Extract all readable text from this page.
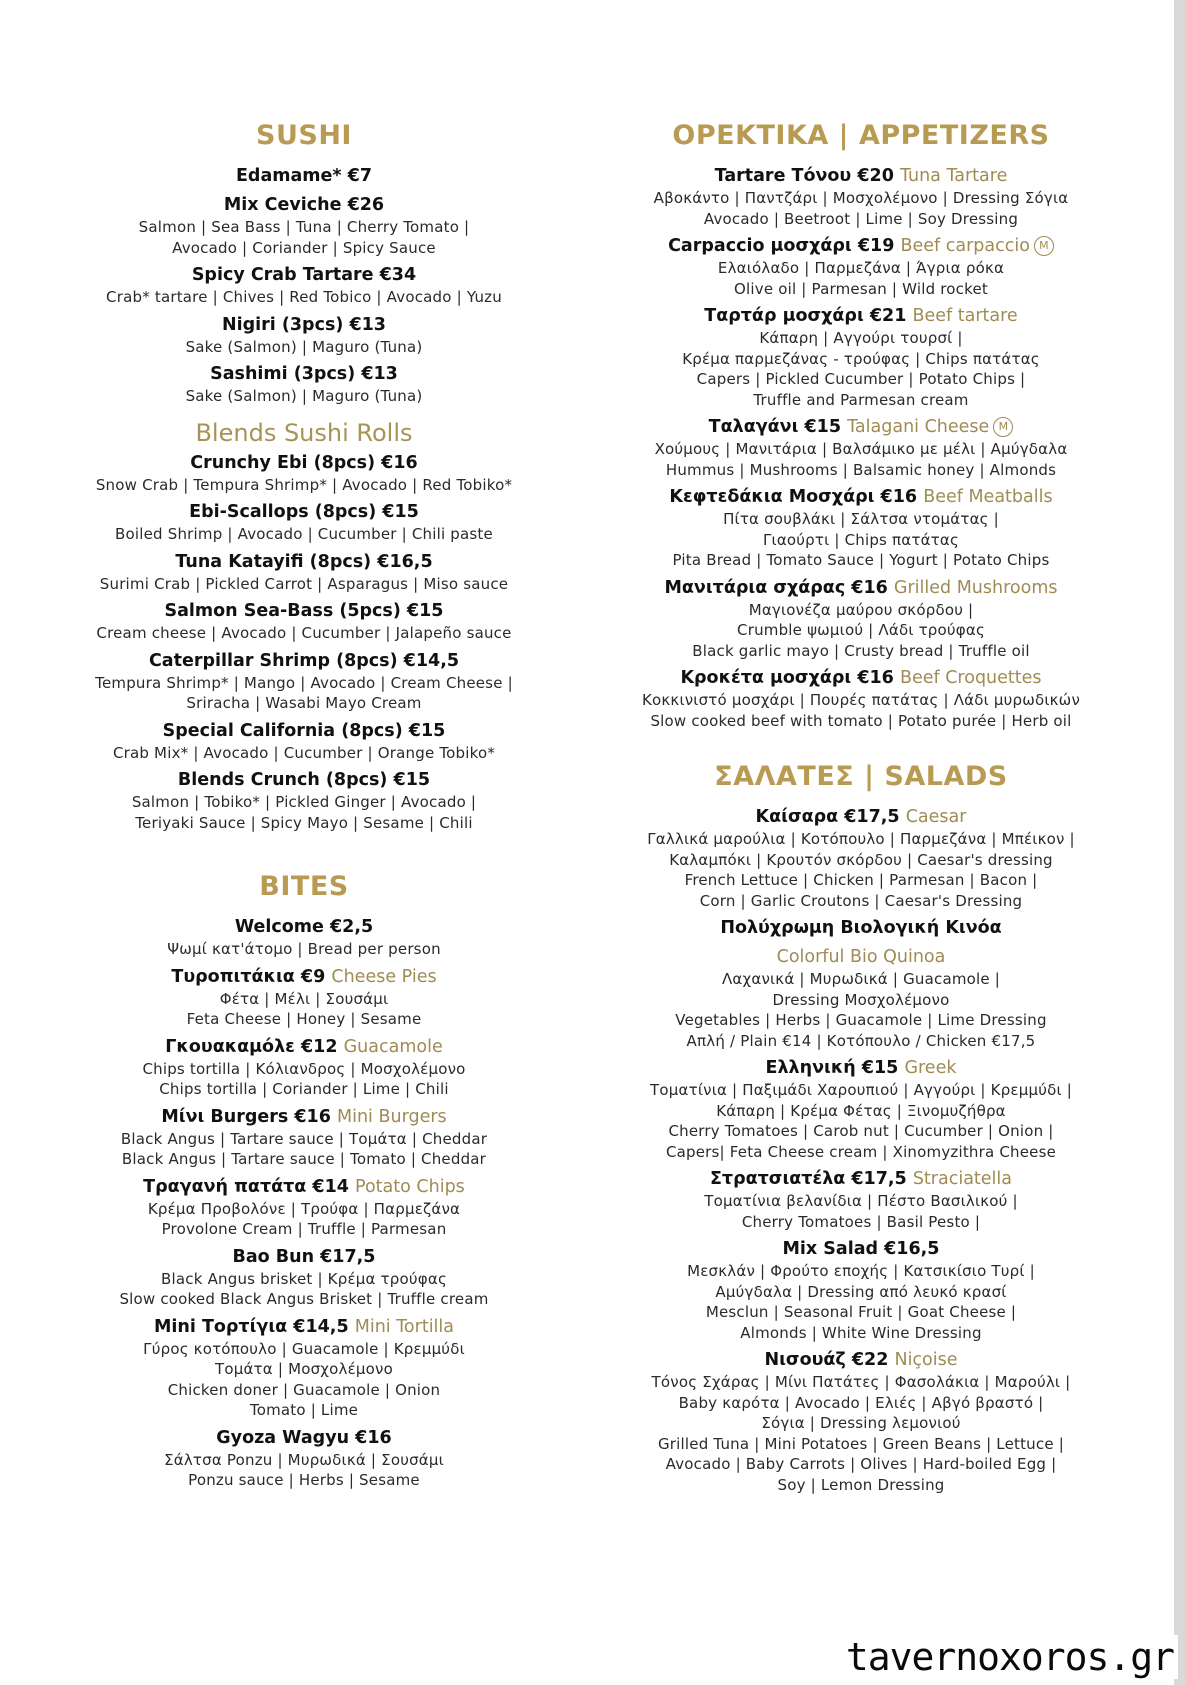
SUSHI
Edamame* €7
Mix Ceviche €26
Salmon | Sea Bass | Tuna | Cherry Tomato |
Avocado | Coriander | Spicy Sauce
Spicy Crab Tartare €34
Crab* tartare | Chives | Red Tobico | Avocado | Yuzu
Nigiri (3pcs) €13
Sake (Salmon) | Maguro (Tuna)
Sashimi (3pcs) €13
Sake (Salmon) | Maguro (Tuna)
Blends Sushi Rolls
Crunchy Ebi (8pcs) €16
Snow Crab | Tempura Shrimp* | Avocado | Red Tobiko*
Ebi-Scallops (8pcs) €15
Boiled Shrimp | Avocado | Cucumber | Chili paste
Tuna Katayifi (8pcs) €16,5
Surimi Crab | Pickled Carrot | Asparagus | Miso sauce
Salmon Sea-Bass (5pcs) €15
Cream cheese | Avocado | Cucumber | Jalapeño sauce
Caterpillar Shrimp (8pcs) €14,5
Tempura Shrimp* | Mango | Avocado | Cream Cheese |
Sriracha | Wasabi Mayo Cream
Special California (8pcs) €15
Crab Mix* | Avocado | Cucumber | Orange Tobiko*
Blends Crunch (8pcs) €15
Salmon | Tobiko* | Pickled Ginger | Avocado |
Teriyaki Sauce | Spicy Mayo | Sesame | Chili
BITES
Welcome €2,5
Ψωμί κατ'άτομο | Bread per person
Τυροπιτάκια €9 Cheese Pies
Φέτα | Μέλι | Σουσάμι
Feta Cheese | Honey | Sesame
Γκουακαμόλε €12 Guacamole
Chips tortilla | Κόλιανδρος | Μοσχολέμονο
Chips tortilla | Coriander | Lime | Chili
Μίνι Burgers €16 Mini Burgers
Black Angus | Tartare sauce | Τομάτα | Cheddar
Black Angus | Tartare sauce | Tomato | Cheddar
Τραγανή πατάτα €14 Potato Chips
Κρέμα Προβολόνε | Τρούφα | Παρμεζάνα
Provolone Cream | Truffle | Parmesan
Bao Bun €17,5
Black Angus brisket | Κρέμα τρούφας
Slow cooked Black Angus Brisket | Truffle cream
Mini Τορτίγια €14,5 Mini Tortilla
Γύρος κοτόπουλο | Guacamole | Κρεμμύδι
Τομάτα | Μοσχολέμονο
Chicken doner | Guacamole | Onion
Tomato | Lime
Gyoza Wagyu €16
Σάλτσα Ponzu | Μυρωδικά | Σουσάμι
Ponzu sauce | Herbs | Sesame
ΟΡΕΚΤΙΚΑ | APPETIZERS
Tartare Τόνου €20 Tuna Tartare
Αβοκάντο | Παντζάρι | Μοσχολέμονο | Dressing Σόγια
Avocado | Beetroot | Lime | Soy Dressing
Carpaccio μοσχάρι €19 Beef carpaccio M
Ελαιόλαδο | Παρμεζάνα | Άγρια ρόκα
Olive oil | Parmesan | Wild rocket
Ταρτάρ μοσχάρι €21 Beef tartare
Κάπαρη | Αγγούρι τουρσί |
Κρέμα παρμεζάνας - τρούφας | Chips πατάτας
Capers | Pickled Cucumber | Potato Chips |
Truffle and Parmesan cream
Ταλαγάνι €15 Talagani Cheese M
Χούμους | Μανιτάρια | Βαλσάμικο με μέλι | Αμύγδαλα
Hummus | Mushrooms | Balsamic honey | Almonds
Κεφτεδάκια Μοσχάρι €16 Beef Meatballs
Πίτα σουβλάκι | Σάλτσα ντομάτας |
Γιαούρτι | Chips πατάτας
Pita Bread | Tomato Sauce | Yogurt | Potato Chips
Μανιτάρια σχάρας €16 Grilled Mushrooms
Μαγιονέζα μαύρου σκόρδου |
Crumble ψωμιού | Λάδι τρούφας
Black garlic mayo | Crusty bread | Truffle oil
Κροκέτα μοσχάρι €16 Beef Croquettes
Κοκκινιστό μοσχάρι | Πουρές πατάτας | Λάδι μυρωδικών
Slow cooked beef with tomato | Potato purée | Herb oil
ΣΑΛΑΤΕΣ | SALADS
Καίσαρα €17,5 Caesar
Γαλλικά μαρούλια | Κοτόπουλο | Παρμεζάνα | Μπέικον |
Καλαμπόκι | Κρουτόν σκόρδου | Caesar's dressing
French Lettuce | Chicken | Parmesan | Bacon |
Corn | Garlic Croutons | Caesar's Dressing
Πολύχρωμη Βιολογική Κινόα
Colorful Bio Quinoa
Λαχανικά | Μυρωδικά | Guacamole |
Dressing Μοσχολέμονο
Vegetables | Herbs | Guacamole | Lime Dressing
Απλή / Plain €14 | Κοτόπουλο / Chicken €17,5
Ελληνική €15 Greek
Τοματίνια | Παξιμάδι Χαρουπιού | Αγγούρι | Κρεμμύδι |
Κάπαρη | Κρέμα Φέτας | Ξινομυζήθρα
Cherry Tomatoes | Carob nut | Cucumber | Onion |
Capers| Feta Cheese cream | Xinomyzithra Cheese
Στρατσιατέλα €17,5 Straciatella
Τοματίνια βελανίδια | Πέστο Βασιλικού |
Cherry Tomatoes | Basil Pesto |
Mix Salad €16,5
Μεσκλάν | Φρούτο εποχής | Κατσικίσιο Τυρί |
Αμύγδαλα | Dressing από λευκό κρασί
Mesclun | Seasonal Fruit | Goat Cheese |
Almonds | White Wine Dressing
Νισουάζ €22 Niçoise
Τόνος Σχάρας | Μίνι Πατάτες | Φασολάκια | Μαρούλι |
Baby καρότα | Avocado | Ελιές | Αβγό βραστό |
Σόγια | Dressing λεμονιού
Grilled Tuna | Mini Potatoes | Green Beans | Lettuce |
Avocado | Baby Carrots | Olives | Hard-boiled Egg |
Soy | Lemon Dressing
tavernoxoros.gr
